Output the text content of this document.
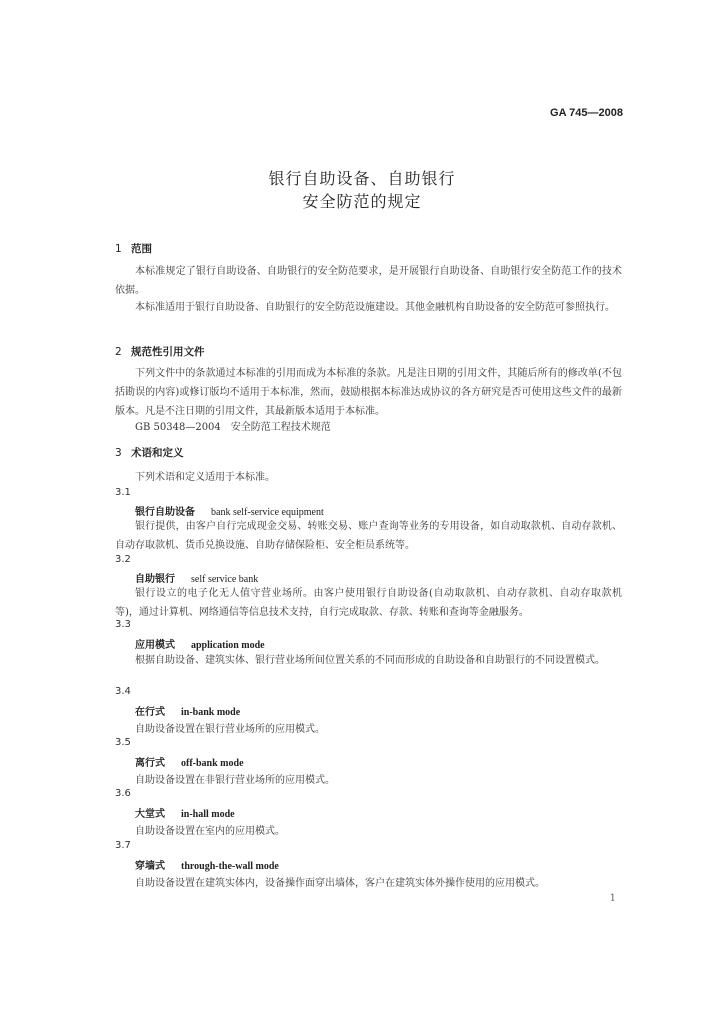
GA 745—2008
银行自助设备、自助银行
安全防范的规定
1 范围
本标准规定了银行自助设备、自助银行的安全防范要求，是开展银行自助设备、自助银行安全防范工作的技术依据。
本标准适用于银行自助设备、自助银行的安全防范设施建设。其他金融机构自助设备的安全防范可参照执行。
2 规范性引用文件
下列文件中的条款通过本标准的引用而成为本标准的条款。凡是注日期的引用文件，其随后所有的修改单(不包括勘误的内容)或修订版均不适用于本标准，然而，鼓励根据本标准达成协议的各方研究是否可使用这些文件的最新版本。凡是不注日期的引用文件，其最新版本适用于本标准。
GB 50348—2004　安全防范工程技术规范
3 术语和定义
下列术语和定义适用于本标准。
3.1
银行自助设备 bank self-service equipment
银行提供，由客户自行完成现金交易、转账交易、账户查询等业务的专用设备，如自动取款机、自动存款机、自动存取款机、货币兑换设施、自助存储保险柜、安全柜员系统等。
3.2
自助银行 self service bank
银行设立的电子化无人值守营业场所。由客户使用银行自助设备(自动取款机、自动存款机、自动存取款机等)，通过计算机、网络通信等信息技术支持，自行完成取款、存款、转账和查询等金融服务。
3.3
应用模式 application mode
根据自助设备、建筑实体、银行营业场所间位置关系的不同而形成的自助设备和自助银行的不同设置模式。
3.4
在行式 in-bank mode
自助设备设置在银行营业场所的应用模式。
3.5
离行式 off-bank mode
自助设备设置在非银行营业场所的应用模式。
3.6
大堂式 in-hall mode
自助设备设置在室内的应用模式。
3.7
穿墙式 through-the-wall mode
自助设备设置在建筑实体内，设备操作面穿出墙体，客户在建筑实体外操作使用的应用模式。
1
